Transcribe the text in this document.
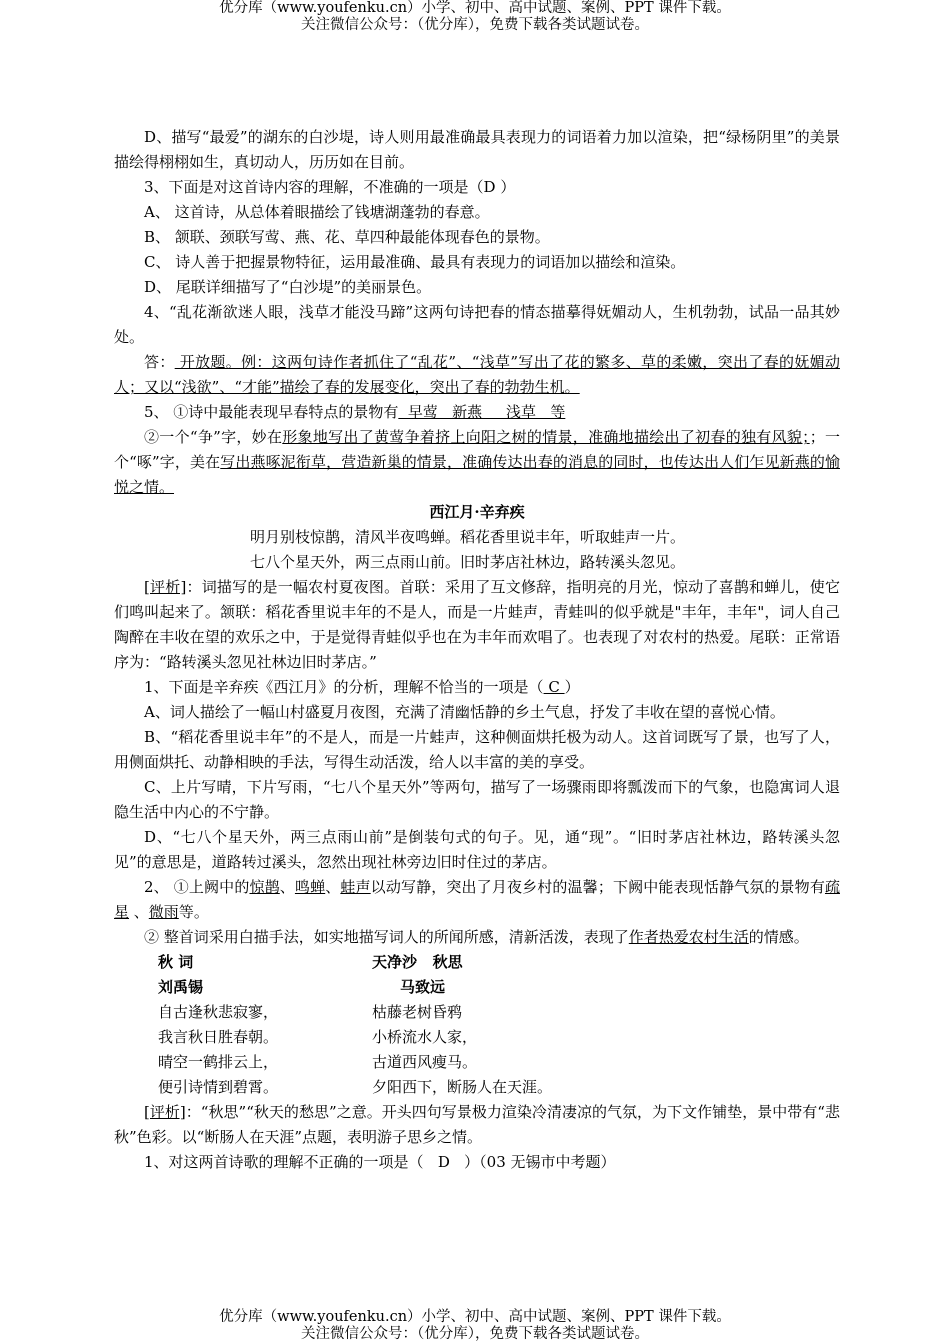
优分库（www.youfenku.cn）小学、初中、高中试题、案例、PPT 课件下载。
关注微信公众号：（优分库），免费下载各类试题试卷。

D、描写“最爱”的湖东的白沙堤，诗人则用最准确最具表现力的词语着力加以渲染，把“绿杨阴里”的美景描绘得栩栩如生，真切动人，历历如在目前。

3、下面是对这首诗内容的理解，不准确的一项是（D ）

A、 这首诗，从总体着眼描绘了钱塘湖蓬勃的春意。

B、 颔联、颈联写莺、燕、花、草四种最能体现春色的景物。

C、 诗人善于把握景物特征，运用最准确、最具有表现力的词语加以描绘和渲染。

D、 尾联详细描写了“白沙堤”的美丽景色。

4、“乱花渐欲迷人眼，浅草才能没马蹄”这两句诗把春的情态描摹得妩媚动人，生机勃勃，试品一品其妙处。

答： 开放题。例：这两句诗作者抓住了“乱花”、“浅草”写出了花的繁多、草的柔嫩，突出了春的妩媚动人；又以“浅欲”、“才能”描绘了春的发展变化，突出了春的勃勃生机。

5、 ①诗中最能表现早春特点的景物有  早莺   新燕     浅草   等

②一个“争”字，妙在形象地写出了黄莺争着挤上向阳之树的情景，准确地描绘出了初春的独有风貌；；一个“啄”字，美在写出燕啄泥衔草，营造新巢的情景，准确传达出春的消息的同时，也传达出人们乍见新燕的愉悦之情。

西江月·辛弃疾

明月别枝惊鹊，清风半夜鸣蝉。稻花香里说丰年，听取蛙声一片。

七八个星天外，两三点雨山前。旧时茅店社林边，路转溪头忽见。

[评析]：词描写的是一幅农村夏夜图。首联：采用了互文修辞，指明亮的月光，惊动了喜鹊和蝉儿，使它们鸣叫起来了。颔联：稻花香里说丰年的不是人，而是一片蛙声，青蛙叫的似乎就是"丰年，丰年"，词人自己陶醉在丰收在望的欢乐之中，于是觉得青蛙似乎也在为丰年而欢唱了。也表现了对农村的热爱。尾联：正常语序为：“路转溪头忽见社林边旧时茅店。”

1、下面是辛弃疾《西江月》的分析，理解不恰当的一项是（ C ）

A、词人描绘了一幅山村盛夏月夜图，充满了清幽恬静的乡土气息，抒发了丰收在望的喜悦心情。

B、“稻花香里说丰年”的不是人，而是一片蛙声，这种侧面烘托极为动人。这首词既写了景，也写了人，用侧面烘托、动静相映的手法，写得生动活泼，给人以丰富的美的享受。

C、上片写晴，下片写雨，“七八个星天外”等两句，描写了一场骤雨即将瓢泼而下的气象，也隐寓词人退隐生活中内心的不宁静。

D、“七八个星天外，两三点雨山前”是倒装句式的句子。见，通“现”。“旧时茅店社林边，路转溪头忽见”的意思是，道路转过溪头，忽然出现社林旁边旧时住过的茅店。

2、 ①上阙中的惊鹊、鸣蝉、蛙声以动写静，突出了月夜乡村的温馨；下阙中能表现恬静气氛的景物有疏星 、微雨等。

② 整首词采用白描手法，如实地描写词人的所闻所感，清新活泼，表现了作者热爱农村生活的情感。

秋 词	天净沙   秋思
刘禹锡	马致远
自古逢秋悲寂寥，	枯藤老树昏鸦
我言秋日胜春朝。	小桥流水人家，
晴空一鹤排云上，	古道西风瘦马。
便引诗情到碧霄。	夕阳西下，断肠人在天涯。

[评析]：“秋思”“秋天的愁思”之意。开头四句写景极力渲染冷清凄凉的气氛，为下文作铺垫，景中带有“悲秋”色彩。以“断肠人在天涯”点题，表明游子思乡之情。

1、对这两首诗歌的理解不正确的一项是（   D   ）（03 无锡市中考题）

优分库（www.youfenku.cn）小学、初中、高中试题、案例、PPT 课件下载。
关注微信公众号：（优分库），免费下载各类试题试卷。
